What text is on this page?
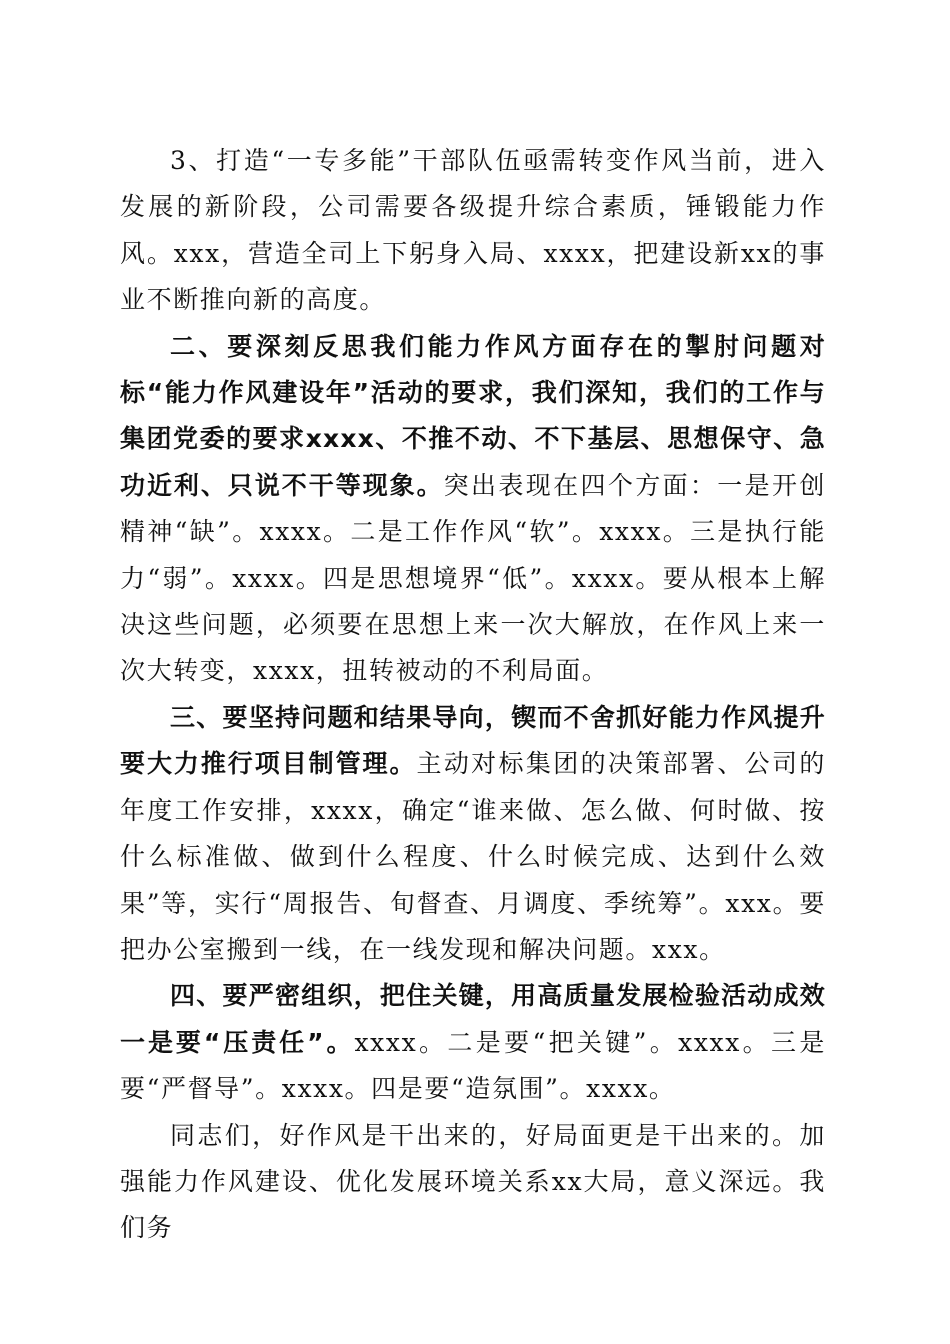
3、打造“一专多能”干部队伍亟需转变作风当前，进入发展的新阶段，公司需要各级提升综合素质，锤锻能力作风。xxx，营造全司上下躬身入局、xxxx，把建设新xx的事业不断推向新的高度。

二、要深刻反思我们能力作风方面存在的掣肘问题对标“能力作风建设年”活动的要求，我们深知，我们的工作与集团党委的要求xxxx、不推不动、不下基层、思想保守、急功近利、只说不干等现象。突出表现在四个方面：一是开创精神“缺”。xxxx。二是工作作风“软”。xxxx。三是执行能力“弱”。xxxx。四是思想境界“低”。xxxx。要从根本上解决这些问题，必须要在思想上来一次大解放，在作风上来一次大转变，xxxx，扭转被动的不利局面。

三、要坚持问题和结果导向，锲而不舍抓好能力作风提升要大力推行项目制管理。主动对标集团的决策部署、公司的年度工作安排，xxxx，确定“谁来做、怎么做、何时做、按什么标准做、做到什么程度、什么时候完成、达到什么效果”等，实行“周报告、旬督查、月调度、季统筹”。xxx。要把办公室搬到一线，在一线发现和解决问题。xxx。

四、要严密组织，把住关键，用高质量发展检验活动成效一是要“压责任”。xxxx。二是要“把关键”。xxxx。三是要“严督导”。xxxx。四是要“造氛围”。xxxx。

同志们，好作风是干出来的，好局面更是干出来的。加强能力作风建设、优化发展环境关系xx大局，意义深远。我们务
